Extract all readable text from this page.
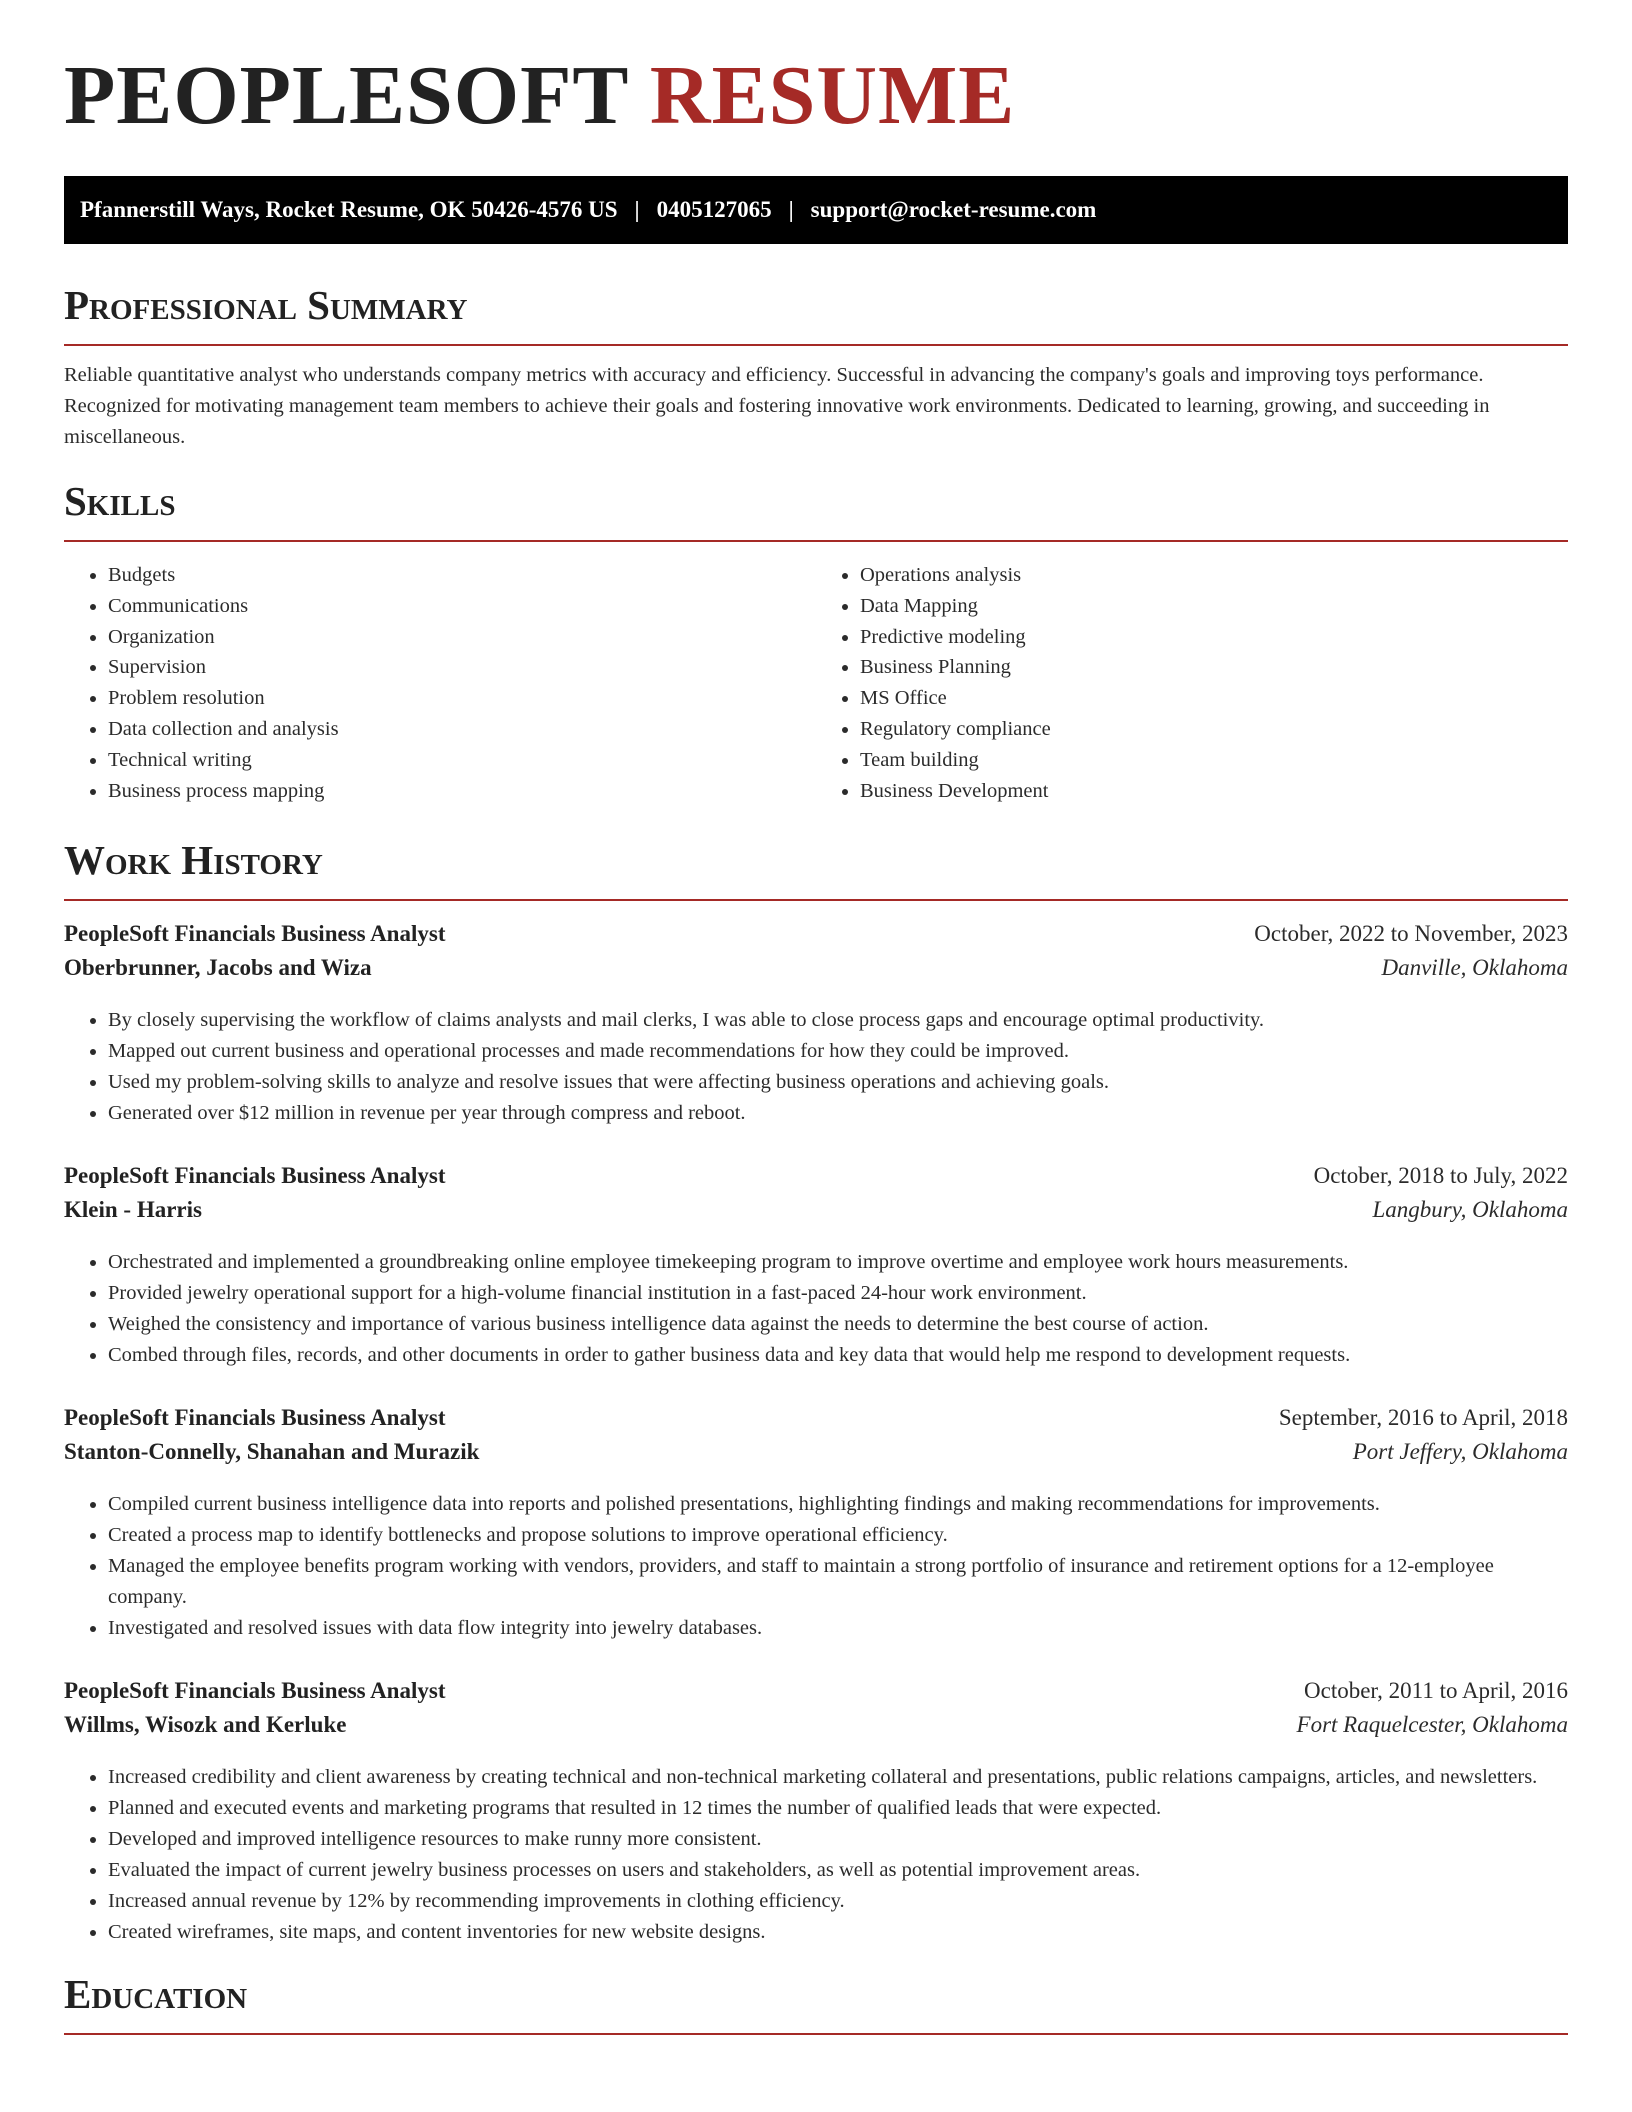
PEOPLESOFT RESUME
Pfannerstill Ways, Rocket Resume, OK 50426-4576 US | 0405127065 | support@rocket-resume.com
Professional Summary

Reliable quantitative analyst who understands company metrics with accuracy and efficiency. Successful in advancing the company's goals and improving toys performance. Recognized for motivating management team members to achieve their goals and fostering innovative work environments. Dedicated to learning, growing, and succeeding in miscellaneous.

Skills
• Budgets
• Communications
• Organization
• Supervision
• Problem resolution
• Data collection and analysis
• Technical writing
• Business process mapping
• Operations analysis
• Data Mapping
• Predictive modeling
• Business Planning
• MS Office
• Regulatory compliance
• Team building
• Business Development
Work History
PeopleSoft Financials Business Analyst	October, 2022 to November, 2023
Oberbrunner, Jacobs and Wiza	Danville, Oklahoma
• By closely supervising the workflow of claims analysts and mail clerks, I was able to close process gaps and encourage optimal productivity.
• Mapped out current business and operational processes and made recommendations for how they could be improved.
• Used my problem-solving skills to analyze and resolve issues that were affecting business operations and achieving goals.
• Generated over $12 million in revenue per year through compress and reboot.
PeopleSoft Financials Business Analyst	October, 2018 to July, 2022
Klein - Harris	Langbury, Oklahoma
• Orchestrated and implemented a groundbreaking online employee timekeeping program to improve overtime and employee work hours measurements.
• Provided jewelry operational support for a high-volume financial institution in a fast-paced 24-hour work environment.
• Weighed the consistency and importance of various business intelligence data against the needs to determine the best course of action.
• Combed through files, records, and other documents in order to gather business data and key data that would help me respond to development requests.
PeopleSoft Financials Business Analyst	September, 2016 to April, 2018
Stanton-Connelly, Shanahan and Murazik	Port Jeffery, Oklahoma
• Compiled current business intelligence data into reports and polished presentations, highlighting findings and making recommendations for improvements.
• Created a process map to identify bottlenecks and propose solutions to improve operational efficiency.
• Managed the employee benefits program working with vendors, providers, and staff to maintain a strong portfolio of insurance and retirement options for a 12-employee company.
• Investigated and resolved issues with data flow integrity into jewelry databases.
PeopleSoft Financials Business Analyst	October, 2011 to April, 2016
Willms, Wisozk and Kerluke	Fort Raquelcester, Oklahoma
• Increased credibility and client awareness by creating technical and non-technical marketing collateral and presentations, public relations campaigns, articles, and newsletters.
• Planned and executed events and marketing programs that resulted in 12 times the number of qualified leads that were expected.
• Developed and improved intelligence resources to make runny more consistent.
• Evaluated the impact of current jewelry business processes on users and stakeholders, as well as potential improvement areas.
• Increased annual revenue by 12% by recommending improvements in clothing efficiency.
• Created wireframes, site maps, and content inventories for new website designs.
Education
